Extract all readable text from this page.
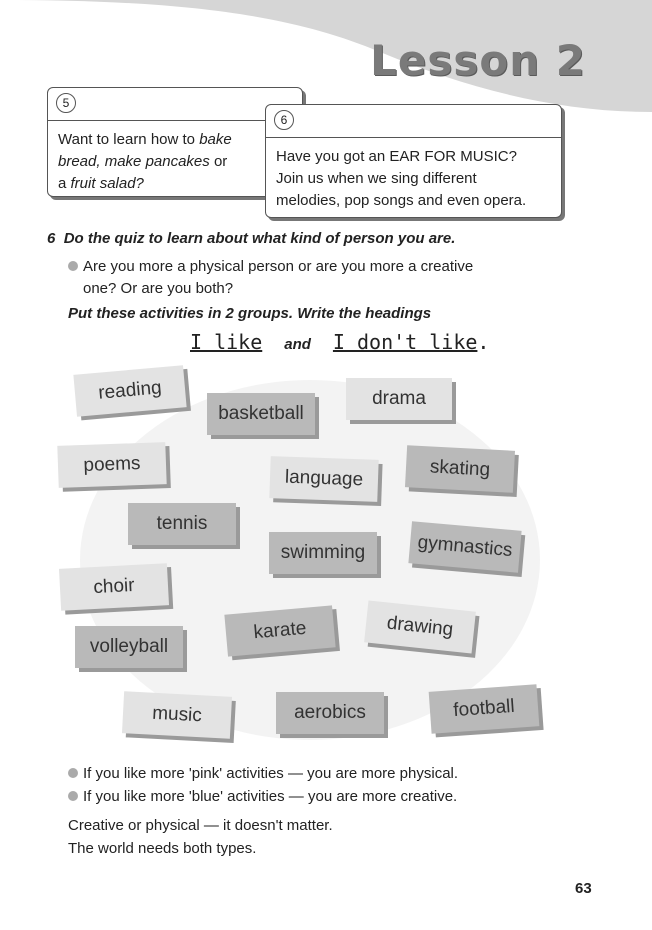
Lesson 2
5
Want to learn how to bake
bread, make pancakes or
a fruit salad?
6
Have you got an EAR FOR MUSIC?
Join us when we sing different
melodies, pop songs and even opera.
6 Do the quiz to learn about what kind of person you are.
Are you more a physical person or are you more a creative
one? Or are you both?
Put these activities in 2 groups. Write the headings
I like and I don't like.
reading
basketball
drama
poems
language	skating
tennis
swimming	gymnastics
choir
volleyball
karate	drawing
music	aerobics	football
If you like more 'pink' activities — you are more physical.
If you like more 'blue' activities — you are more creative.
Creative or physical — it doesn't matter.
The world needs both types.
63
